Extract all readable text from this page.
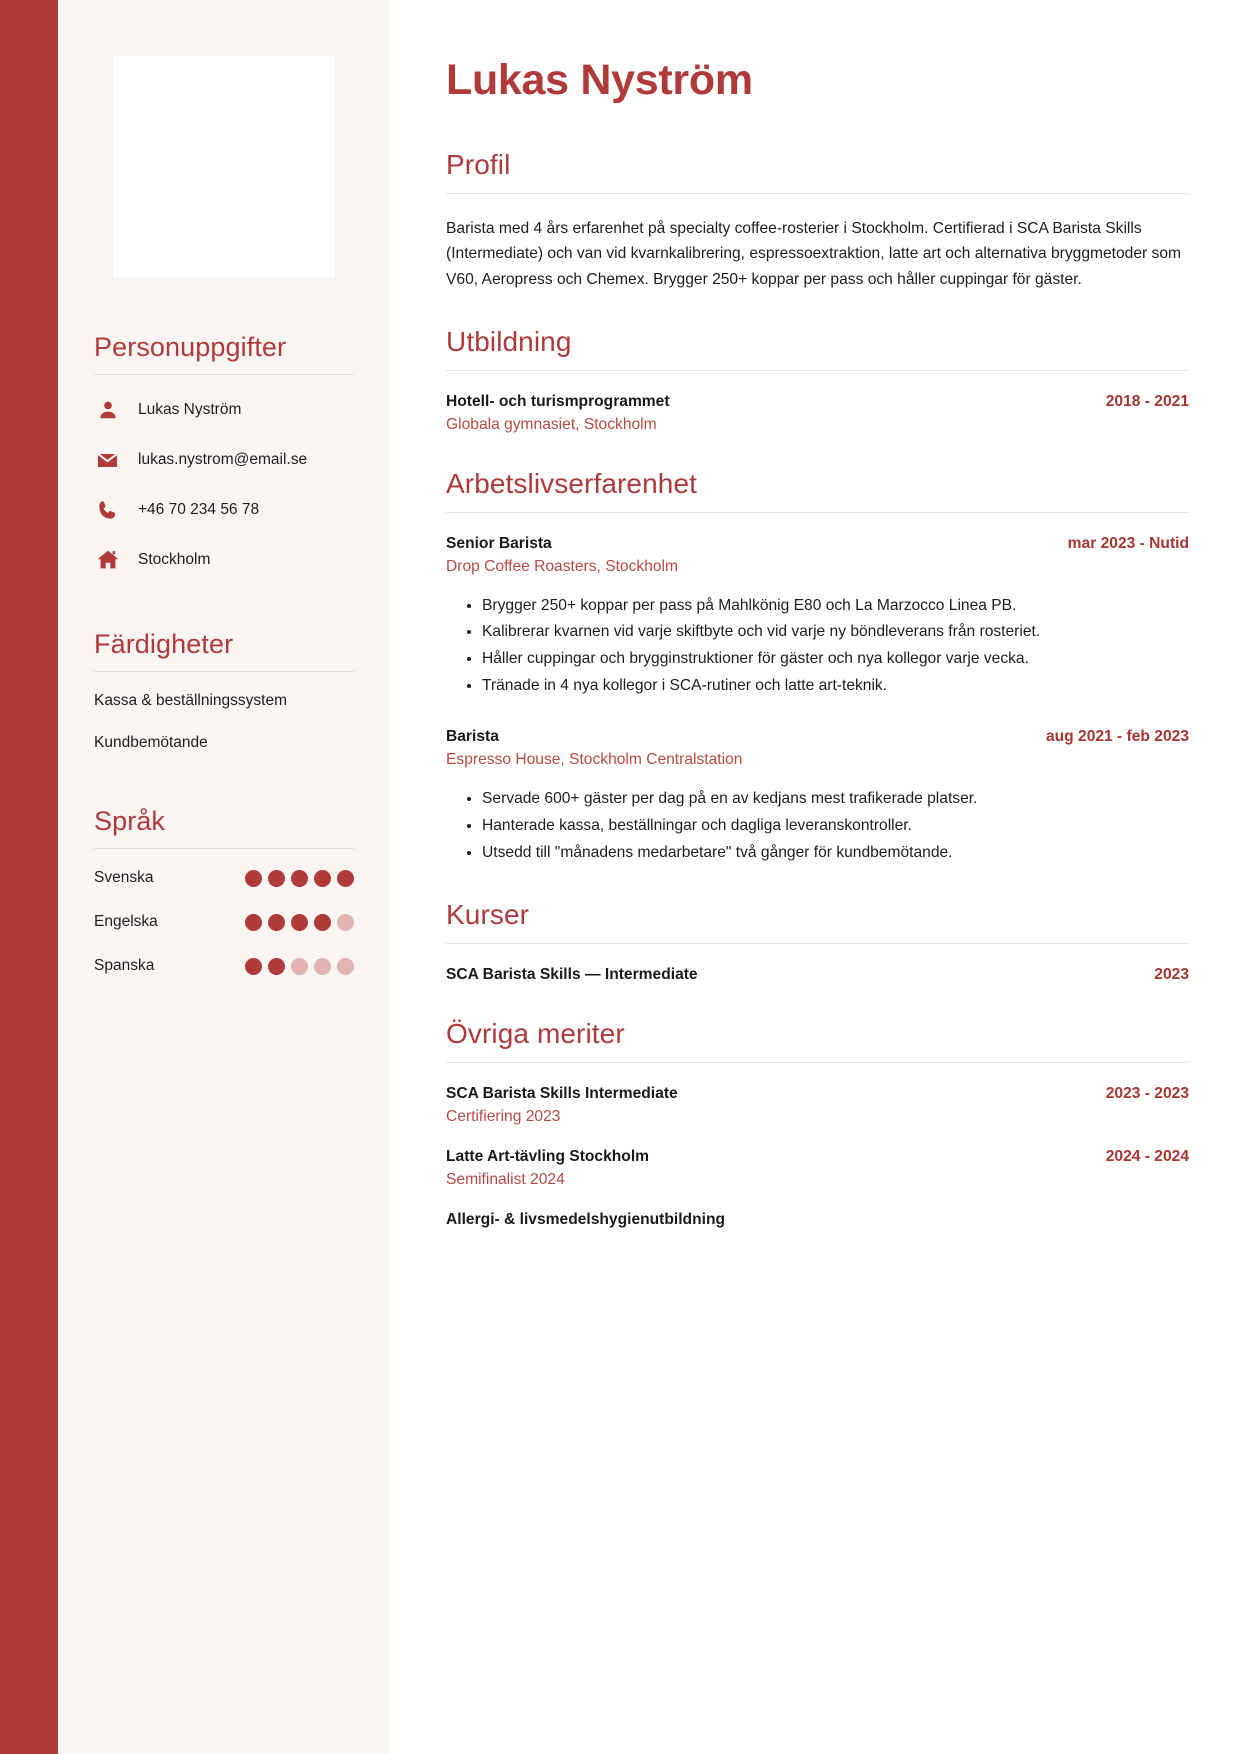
Personuppgifter
Lukas Nyström
lukas.nystrom@email.se
+46 70 234 56 78
Stockholm
Färdigheter
Kassa & beställningssystem
Kundbemötande
Språk
Svenska
Engelska
Spanska
Lukas Nyström
Profil

Barista med 4 års erfarenhet på specialty coffee-rosterier i Stockholm. Certifierad i SCA Barista Skills (Intermediate) och van vid kvarnkalibrering, espressoextraktion, latte art och alternativa bryggmetoder som V60, Aeropress och Chemex. Brygger 250+ koppar per pass och håller cuppingar för gäster.

Utbildning
Hotell- och turismprogrammet	2018 - 2021
Globala gymnasiet, Stockholm
Arbetslivserfarenhet
Senior Barista	mar 2023 - Nutid
Drop Coffee Roasters, Stockholm
• Brygger 250+ koppar per pass på Mahlkönig E80 och La Marzocco Linea PB.
• Kalibrerar kvarnen vid varje skiftbyte och vid varje ny böndleverans från rosteriet.
• Håller cuppingar och brygginstruktioner för gäster och nya kollegor varje vecka.
• Tränade in 4 nya kollegor i SCA-rutiner och latte art-teknik.
Barista	aug 2021 - feb 2023
Espresso House, Stockholm Centralstation
• Servade 600+ gäster per dag på en av kedjans mest trafikerade platser.
• Hanterade kassa, beställningar och dagliga leveranskontroller.
• Utsedd till "månadens medarbetare" två gånger för kundbemötande.
Kurser
SCA Barista Skills — Intermediate	2023
Övriga meriter
SCA Barista Skills Intermediate	2023 - 2023
Certifiering 2023
Latte Art-tävling Stockholm	2024 - 2024
Semifinalist 2024
Allergi- & livsmedelshygienutbildning
